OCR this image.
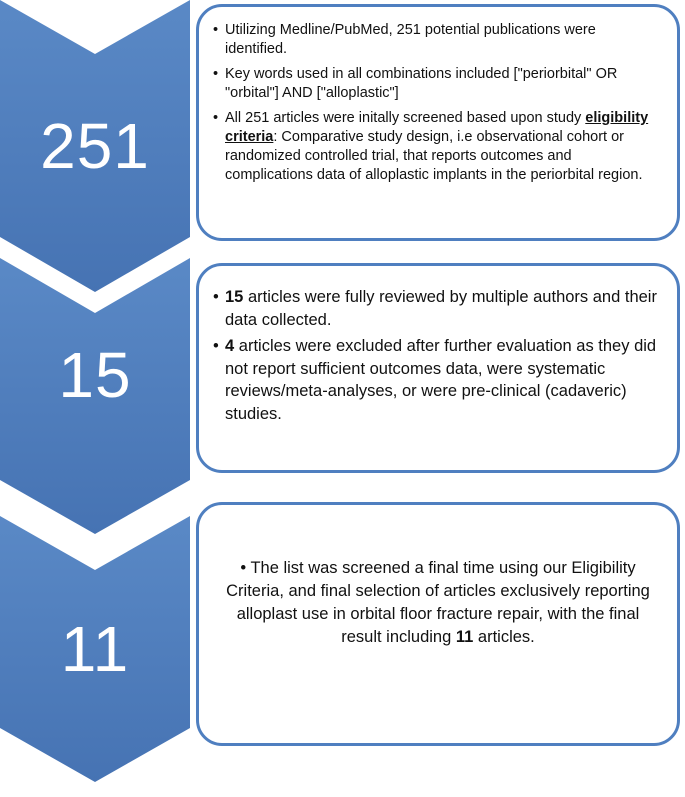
251
15
11
• Utilizing Medline/PubMed, 251 potential publications were identified.
• Key words used in all combinations included ["periorbital" OR "orbital"] AND ["alloplastic"]
• All 251 articles were initally screened based upon study eligibility criteria: Comparative study design, i.e observational cohort or randomized controlled trial, that reports outcomes and complications data of alloplastic implants in the periorbital region.
• 15 articles were fully reviewed by multiple authors and their data collected.
• 4 articles were excluded after further evaluation as they did not report sufficient outcomes data, were systematic reviews/meta-analyses, or were pre-clinical (cadaveric) studies.

• The list was screened a final time using our Eligibility Criteria, and final selection of articles exclusively reporting alloplast use in orbital floor fracture repair, with the final result including 11 articles.
